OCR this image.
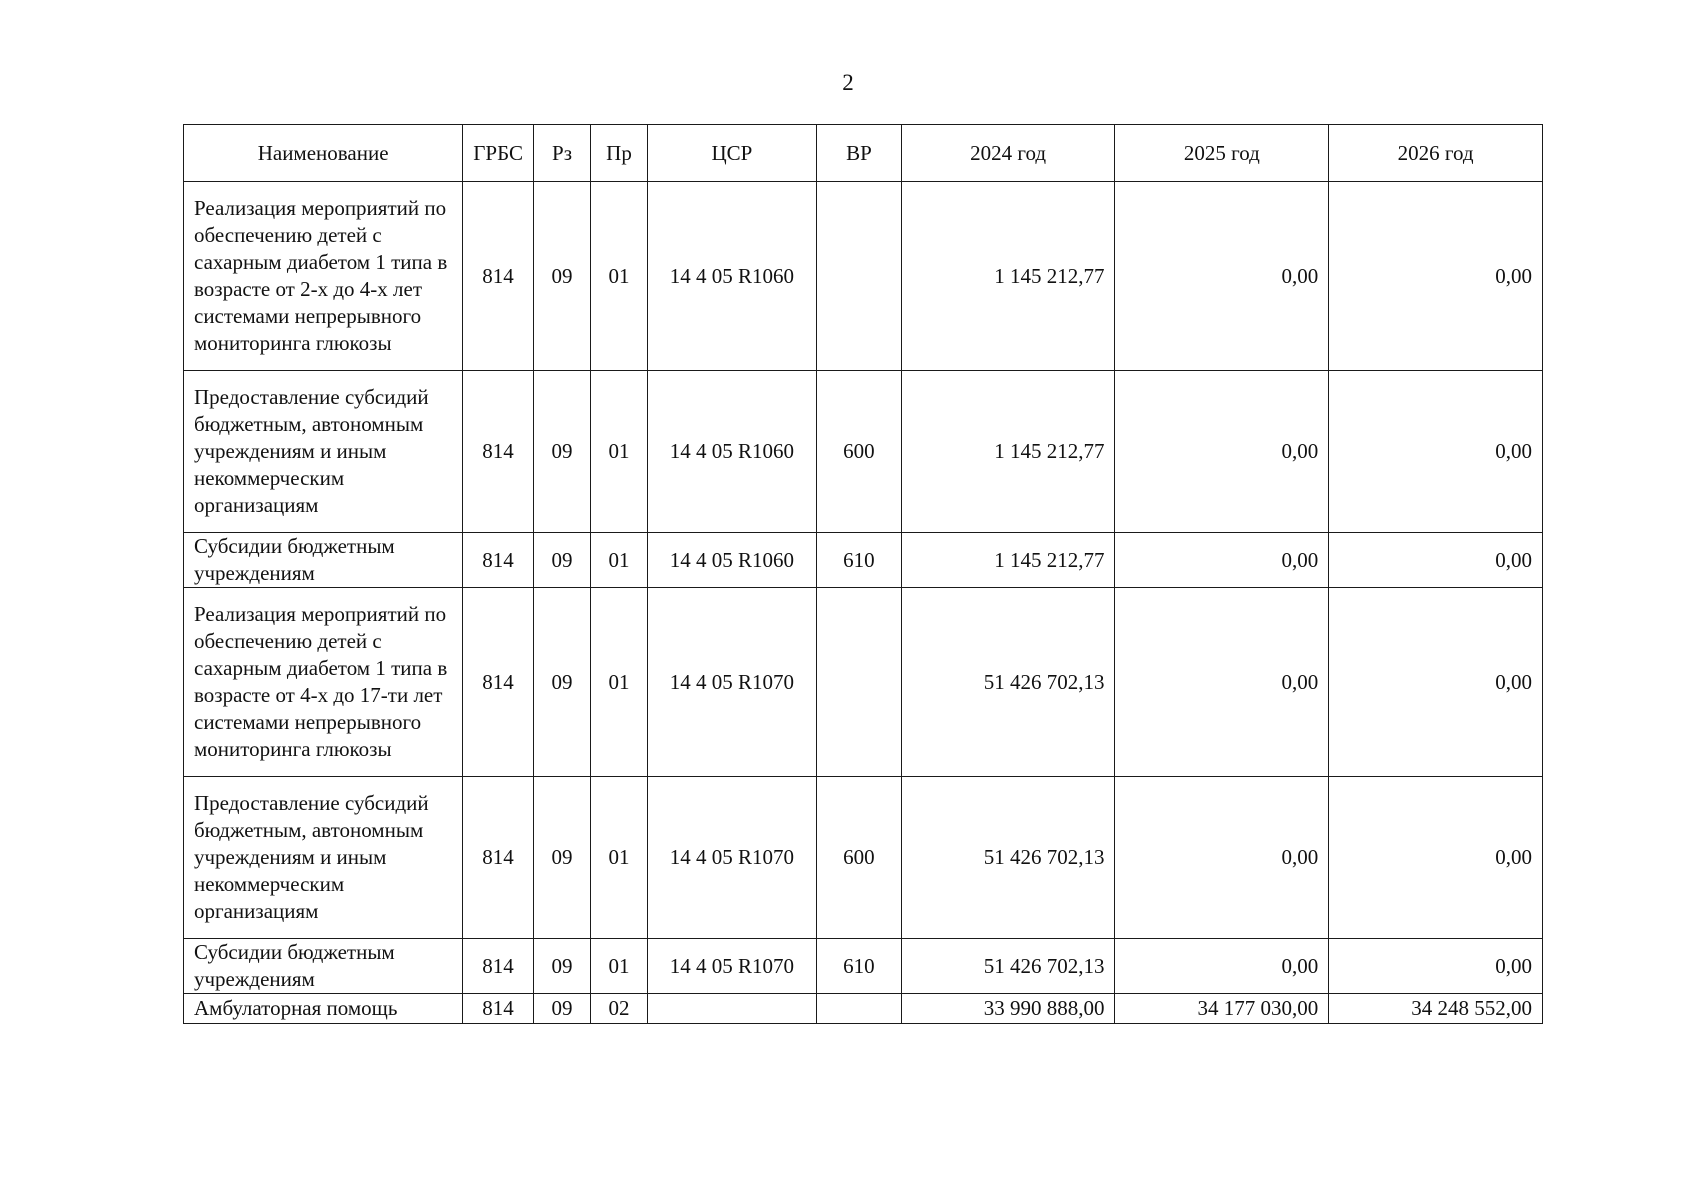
2
Наименование	ГРБС	Рз	Пр	ЦСР	ВР	2024 год	2025 год	2026 год
Реализация мероприятий по обеспечению детей с сахарным диабетом 1 типа в возрасте от 2-х до 4-х лет системами непрерывного мониторинга глюкозы	814	09	01	14 4 05 R1060		1 145 212,77	0,00	0,00
Предоставление субсидий бюджетным, автономным учреждениям и иным некоммерческим организациям	814	09	01	14 4 05 R1060	600	1 145 212,77	0,00	0,00
Субсидии бюджетным учреждениям	814	09	01	14 4 05 R1060	610	1 145 212,77	0,00	0,00
Реализация мероприятий по обеспечению детей с сахарным диабетом 1 типа в возрасте от 4-х до 17-ти лет системами непрерывного мониторинга глюкозы	814	09	01	14 4 05 R1070		51 426 702,13	0,00	0,00
Предоставление субсидий бюджетным, автономным учреждениям и иным некоммерческим организациям	814	09	01	14 4 05 R1070	600	51 426 702,13	0,00	0,00
Субсидии бюджетным учреждениям	814	09	01	14 4 05 R1070	610	51 426 702,13	0,00	0,00
Амбулаторная помощь	814	09	02			33 990 888,00	34 177 030,00	34 248 552,00
